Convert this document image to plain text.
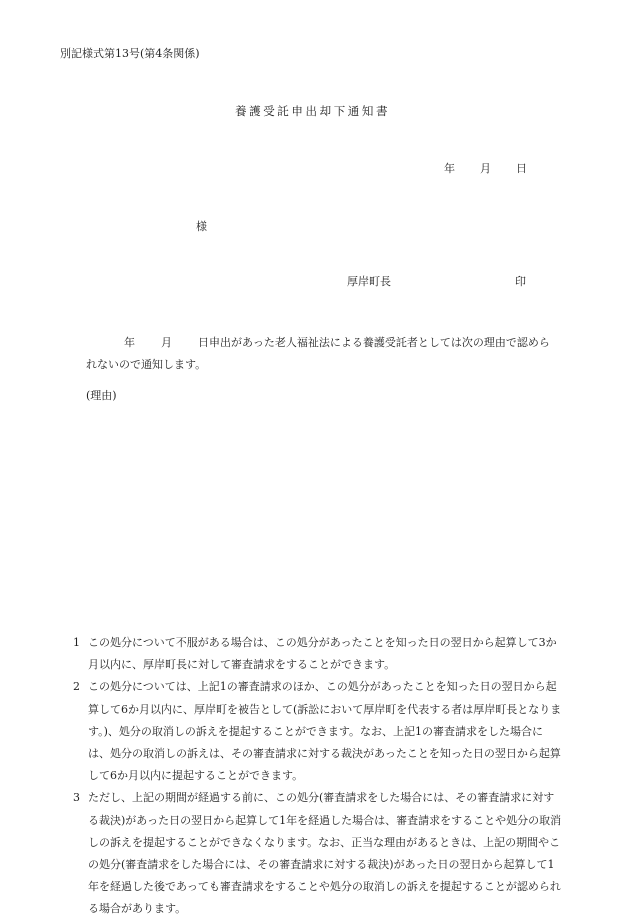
別記様式第13号(第4条関係)
養護受託申出却下通知書
年 月 日
様
厚岸町長	印
年 月 日申出があった老人福祉法による養護受託者としては次の理由で認められないので通知します。
(理由)
1 この処分について不服がある場合は、この処分があったことを知った日の翌日から起算して3か月以内に、厚岸町長に対して審査請求をすることができます。
2 この処分については、上記1の審査請求のほか、この処分があったことを知った日の翌日から起算して6か月以内に、厚岸町を被告として(訴訟において厚岸町を代表する者は厚岸町長となります。)、処分の取消しの訴えを提起することができます。なお、上記1の審査請求をした場合には、処分の取消しの訴えは、その審査請求に対する裁決があったことを知った日の翌日から起算して6か月以内に提起することができます。
3 ただし、上記の期間が経過する前に、この処分(審査請求をした場合には、その審査請求に対する裁決)があった日の翌日から起算して1年を経過した場合は、審査請求をすることや処分の取消しの訴えを提起することができなくなります。なお、正当な理由があるときは、上記の期間やこの処分(審査請求をした場合には、その審査請求に対する裁決)があった日の翌日から起算して1年を経過した後であっても審査請求をすることや処分の取消しの訴えを提起することが認められる場合があります。
